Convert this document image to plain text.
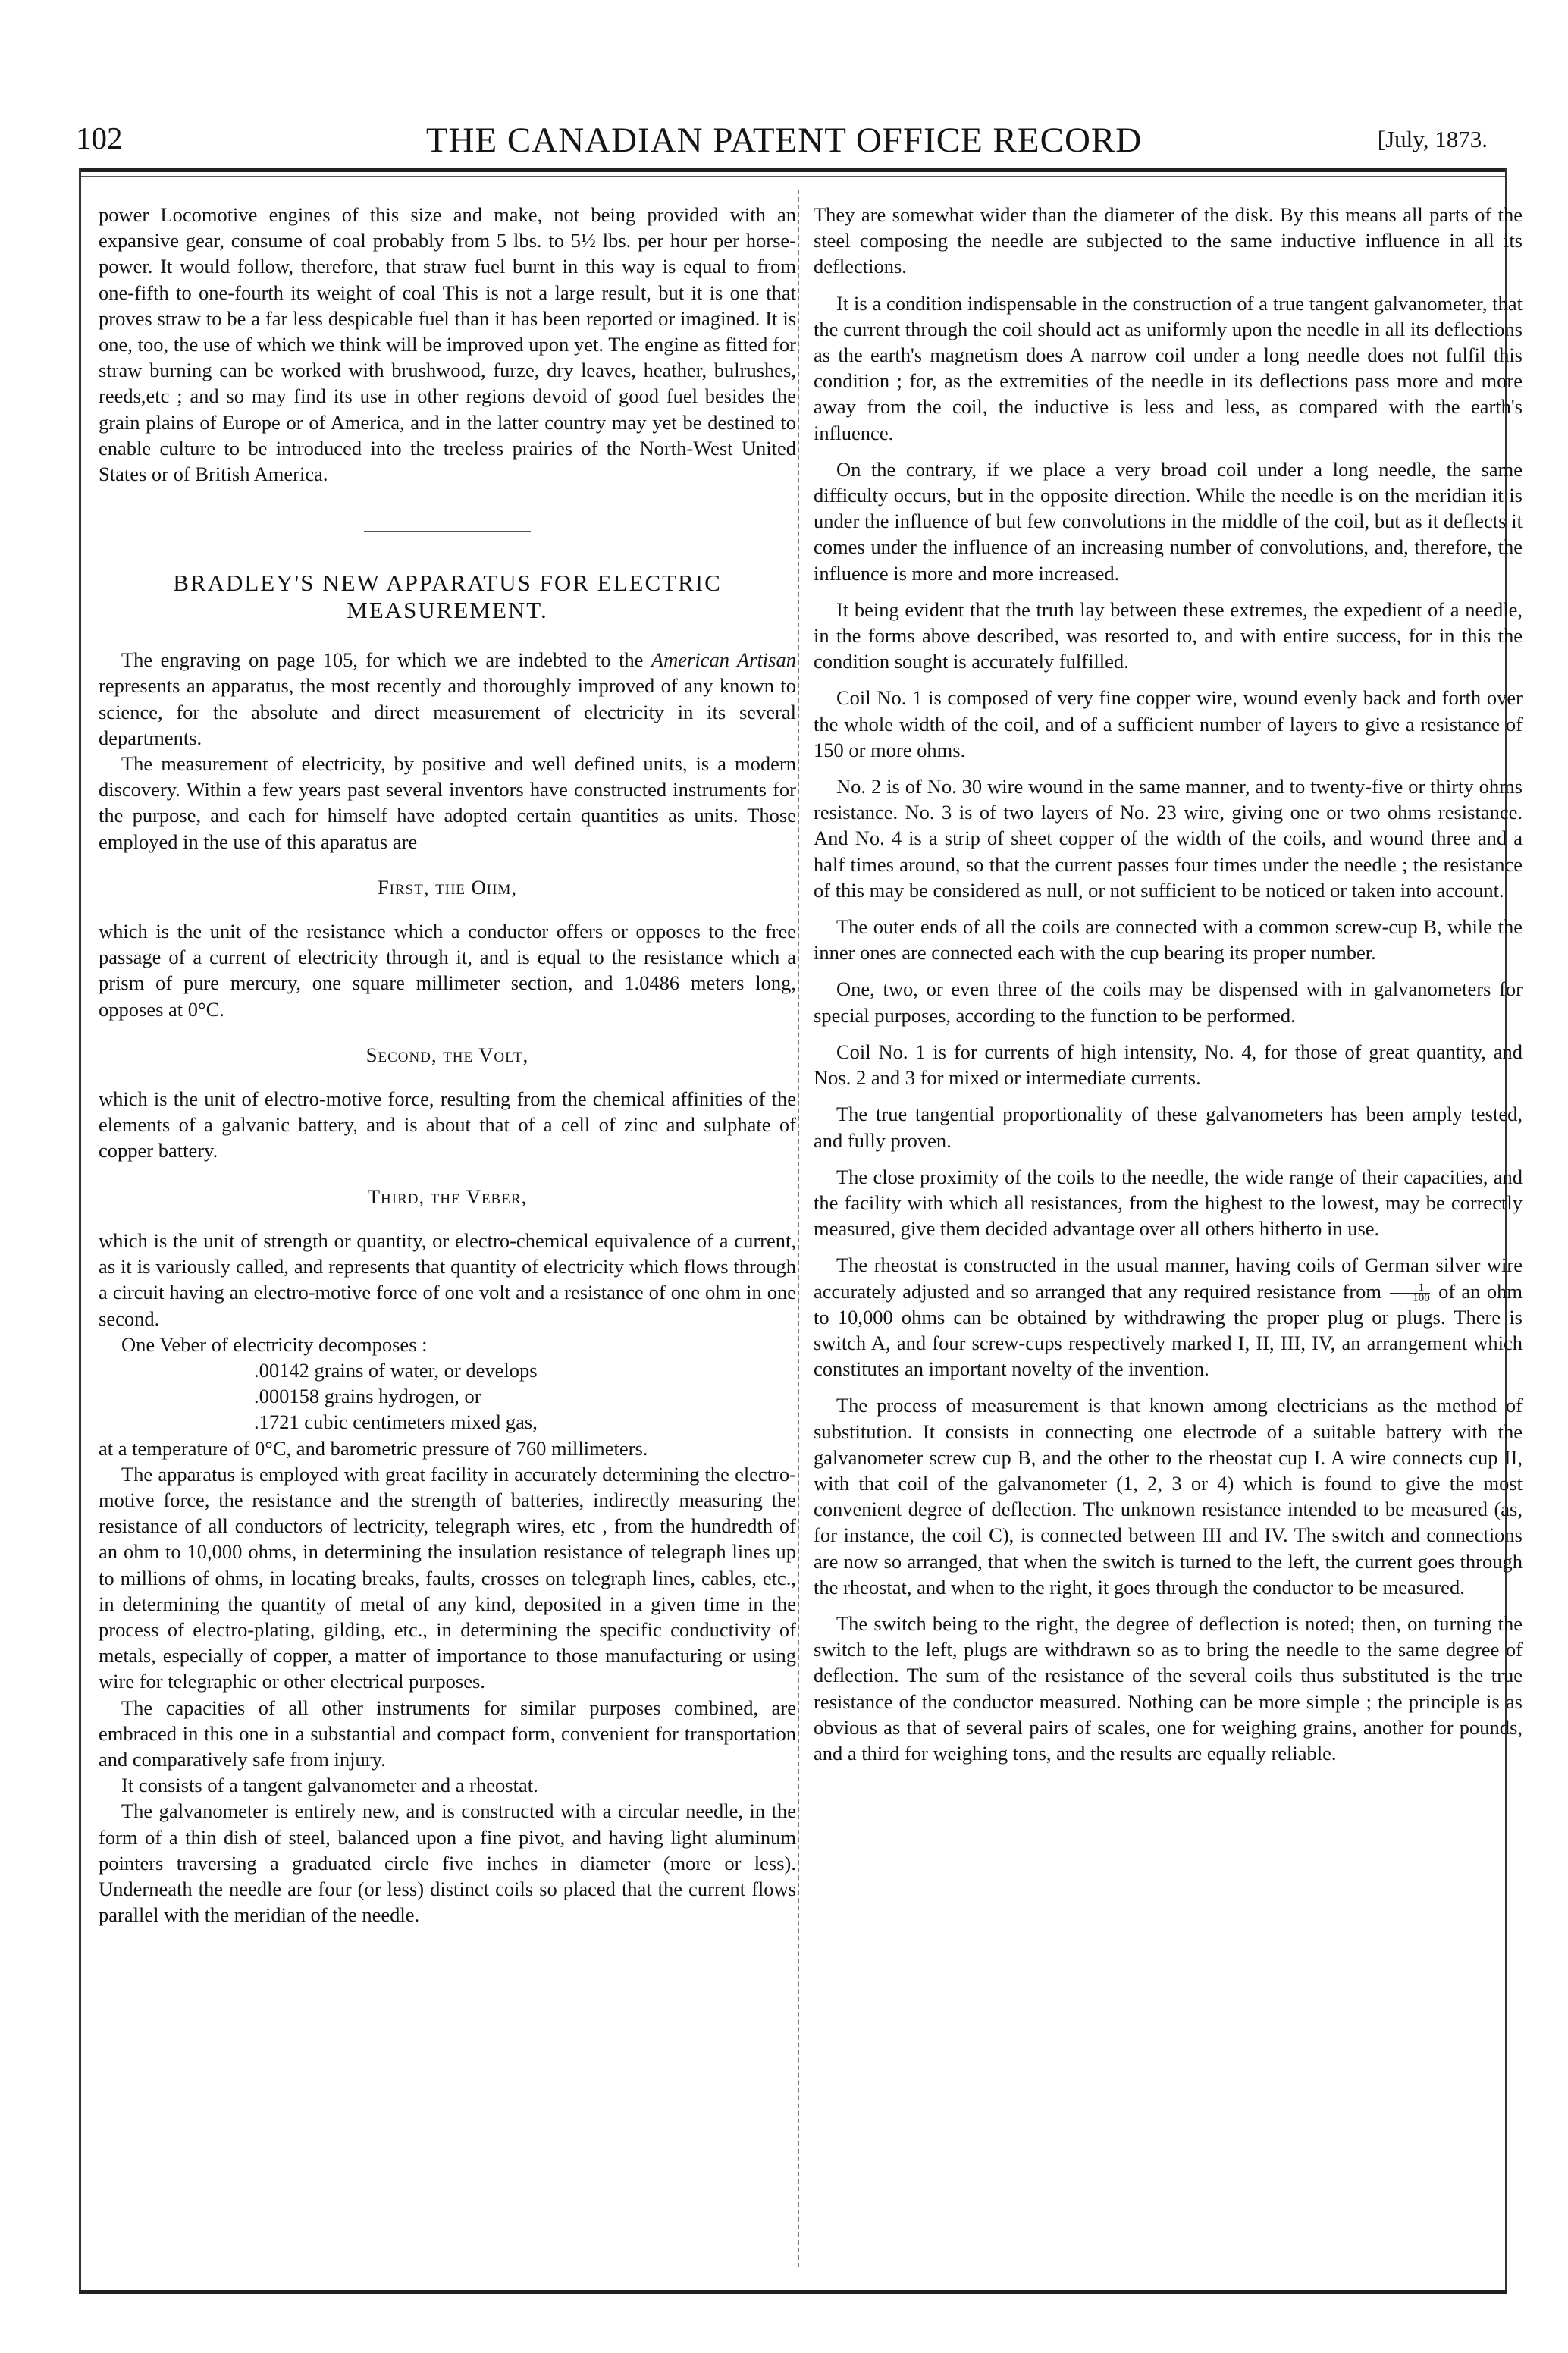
102	THE CANADIAN PATENT OFFICE RECORD	[July, 1873.

power Locomotive engines of this size and make, not being provided with an expansive gear, consume of coal probably from 5 lbs. to 5½ lbs. per hour per horse-power. It would follow, therefore, that straw fuel burnt in this way is equal to from one-fifth to one-fourth its weight of coal This is not a large result, but it is one that proves straw to be a far less despicable fuel than it has been reported or imagined. It is one, too, the use of which we think will be improved upon yet. The engine as fitted for straw burning can be worked with brushwood, furze, dry leaves, heather, bulrushes, reeds,etc ; and so may find its use in other regions devoid of good fuel besides the grain plains of Europe or of America, and in the latter country may yet be destined to enable culture to be introduced into the treeless prairies of the North-West United States or of British America.

BRADLEY'S NEW APPARATUS FOR ELECTRIC MEASUREMENT.

The engraving on page 105, for which we are indebted to the American Artisan represents an apparatus, the most recently and thoroughly improved of any known to science, for the absolute and direct measurement of electricity in its several departments.

The measurement of electricity, by positive and well defined units, is a modern discovery. Within a few years past several inventors have constructed instruments for the purpose, and each for himself have adopted certain quantities as units. Those employed in the use of this aparatus are

First, the Ohm,

which is the unit of the resistance which a conductor offers or opposes to the free passage of a current of electricity through it, and is equal to the resistance which a prism of pure mercury, one square millimeter section, and 1.0486 meters long, opposes at 0°C.

Second, the Volt,

which is the unit of electro-motive force, resulting from the chemical affinities of the elements of a galvanic battery, and is about that of a cell of zinc and sulphate of copper battery.

Third, the Veber,

which is the unit of strength or quantity, or electro-chemical equivalence of a current, as it is variously called, and represents that quantity of electricity which flows through a circuit having an electro-motive force of one volt and a resistance of one ohm in one second.

One Veber of electricity decomposes :

.00142 grains of water, or develops

.000158 grains hydrogen, or

.1721 cubic centimeters mixed gas,

at a temperature of 0°C, and barometric pressure of 760 millimeters.

The apparatus is employed with great facility in accurately determining the electro-motive force, the resistance and the strength of batteries, indirectly measuring the resistance of all conductors of lectricity, telegraph wires, etc , from the hundredth of an ohm to 10,000 ohms, in determining the insulation resistance of telegraph lines up to millions of ohms, in locating breaks, faults, crosses on telegraph lines, cables, etc., in determining the quantity of metal of any kind, deposited in a given time in the process of electro-plating, gilding, etc., in determining the specific conductivity of metals, especially of copper, a matter of importance to those manufacturing or using wire for telegraphic or other electrical purposes.

The capacities of all other instruments for similar purposes combined, are embraced in this one in a substantial and compact form, convenient for transportation and comparatively safe from injury.

It consists of a tangent galvanometer and a rheostat.

The galvanometer is entirely new, and is constructed with a circular needle, in the form of a thin dish of steel, balanced upon a fine pivot, and having light aluminum pointers traversing a graduated circle five inches in diameter (more or less). Underneath the needle are four (or less) distinct coils so placed that the current flows parallel with the meridian of the needle.

They are somewhat wider than the diameter of the disk. By this means all parts of the steel composing the needle are subjected to the same inductive influence in all its deflections.

It is a condition indispensable in the construction of a true tangent galvanometer, that the current through the coil should act as uniformly upon the needle in all its deflections as the earth's magnetism does A narrow coil under a long needle does not fulfil this condition ; for, as the extremities of the needle in its deflections pass more and more away from the coil, the inductive is less and less, as compared with the earth's influence.

On the contrary, if we place a very broad coil under a long needle, the same difficulty occurs, but in the opposite direction. While the needle is on the meridian it is under the influence of but few convolutions in the middle of the coil, but as it deflects it comes under the influence of an increasing number of convolutions, and, therefore, the influence is more and more increased.

It being evident that the truth lay between these extremes, the expedient of a needle, in the forms above described, was resorted to, and with entire success, for in this the condition sought is accurately fulfilled.

Coil No. 1 is composed of very fine copper wire, wound evenly back and forth over the whole width of the coil, and of a sufficient number of layers to give a resistance of 150 or more ohms.

No. 2 is of No. 30 wire wound in the same manner, and to twenty-five or thirty ohms resistance. No. 3 is of two layers of No. 23 wire, giving one or two ohms resistance. And No. 4 is a strip of sheet copper of the width of the coils, and wound three and a half times around, so that the current passes four times under the needle ; the resistance of this may be considered as null, or not sufficient to be noticed or taken into account.

The outer ends of all the coils are connected with a common screw-cup B, while the inner ones are connected each with the cup bearing its proper number.

One, two, or even three of the coils may be dispensed with in galvanometers for special purposes, according to the function to be performed.

Coil No. 1 is for currents of high intensity, No. 4, for those of great quantity, and Nos. 2 and 3 for mixed or intermediate currents.

The true tangential proportionality of these galvanometers has been amply tested, and fully proven.

The close proximity of the coils to the needle, the wide range of their capacities, and the facility with which all resistances, from the highest to the lowest, may be correctly measured, give them decided advantage over all others hitherto in use.

The rheostat is constructed in the usual manner, having coils of German silver wire accurately adjusted and so arranged that any required resistance from $\frac{1}{100}$ of an ohm to 10,000 ohms can be obtained by withdrawing the proper plug or plugs. There is switch A, and four screw-cups respectively marked I, II, III, IV, an arrangement which constitutes an important novelty of the invention.

The process of measurement is that known among electricians as the method of substitution. It consists in connecting one electrode of a suitable battery with the galvanometer screw cup B, and the other to the rheostat cup I. A wire connects cup II, with that coil of the galvanometer (1, 2, 3 or 4) which is found to give the most convenient degree of deflection. The unknown resistance intended to be measured (as, for instance, the coil C), is connected between III and IV. The switch and connections are now so arranged, that when the switch is turned to the left, the current goes through the rheostat, and when to the right, it goes through the conductor to be measured.

The switch being to the right, the degree of deflection is noted; then, on turning the switch to the left, plugs are withdrawn so as to bring the needle to the same degree of deflection. The sum of the resistance of the several coils thus substituted is the true resistance of the conductor measured. Nothing can be more simple ; the principle is as obvious as that of several pairs of scales, one for weighing grains, another for pounds, and a third for weighing tons, and the results are equally reliable.
